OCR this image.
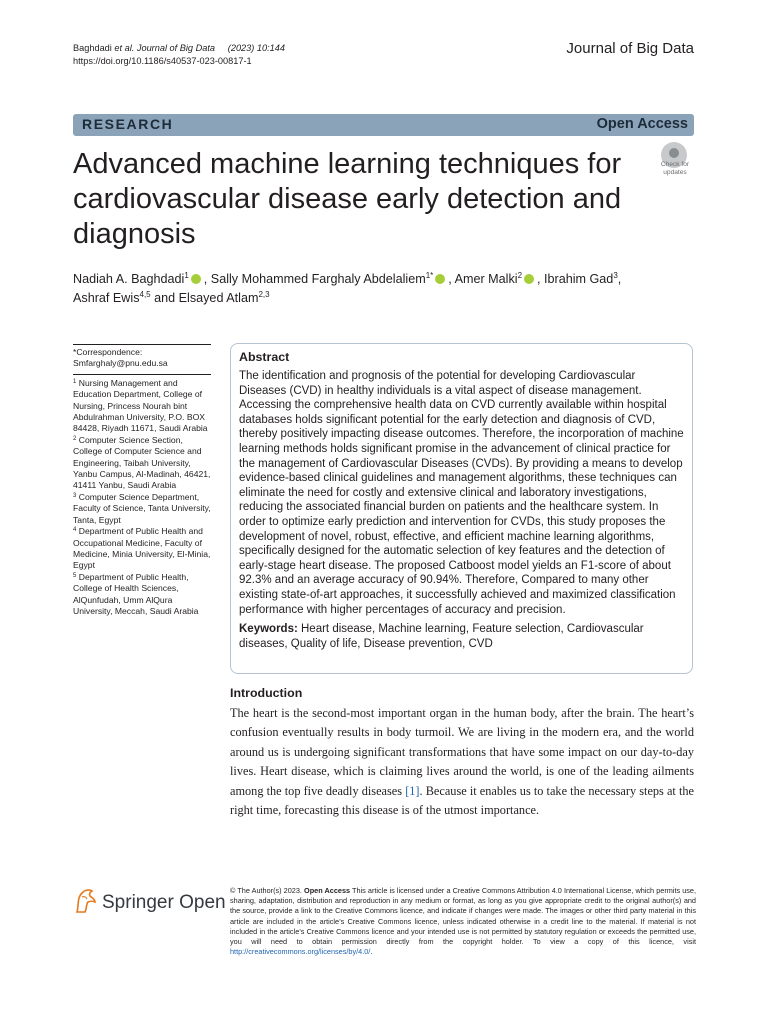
Baghdadi et al. Journal of Big Data (2023) 10:144
https://doi.org/10.1186/s40537-023-00817-1
Journal of Big Data
RESEARCH	Open Access
Advanced machine learning techniques for cardiovascular disease early detection and diagnosis
Check for
updates
Nadiah A. Baghdadi$^1$ , Sally Mohammed Farghaly Abdelaliem$^{1*}$ , Amer Malki$^2$ , Ibrahim Gad$^3$,
Ashraf Ewis$^{4,5}$ and Elsayed Atlam$^{2,3}$
*Correspondence:
Smfarghaly@pnu.edu.sa
$^1$ Nursing Management and Education Department, College of Nursing, Princess Nourah bint Abdulrahman University, P.O. BOX 84428, Riyadh 11671, Saudi Arabia
$^2$ Computer Science Section, College of Computer Science and Engineering, Taibah University, Yanbu Campus, Al-Madinah, 46421, 41411 Yanbu, Saudi Arabia
$^3$ Computer Science Department, Faculty of Science, Tanta University, Tanta, Egypt
$^4$ Department of Public Health and Occupational Medicine, Faculty of Medicine, Minia University, El-Minia, Egypt
$^5$ Department of Public Health, College of Health Sciences, AlQunfudah, Umm AlQura University, Meccah, Saudi Arabia
Abstract
The identification and prognosis of the potential for developing Cardiovascular Diseases (CVD) in healthy individuals is a vital aspect of disease management. Accessing the comprehensive health data on CVD currently available within hospital databases holds significant potential for the early detection and diagnosis of CVD, thereby positively impacting disease outcomes. Therefore, the incorporation of machine learning methods holds significant promise in the advancement of clinical practice for the management of Cardiovascular Diseases (CVDs). By providing a means to develop evidence-based clinical guidelines and management algorithms, these techniques can eliminate the need for costly and extensive clinical and laboratory investigations, reducing the associated financial burden on patients and the healthcare system. In order to optimize early prediction and intervention for CVDs, this study proposes the development of novel, robust, effective, and efficient machine learning algorithms, specifically designed for the automatic selection of key features and the detection of early-stage heart disease. The proposed Catboost model yields an F1-score of about 92.3% and an average accuracy of 90.94%. Therefore, Compared to many other existing state-of-art approaches, it successfully achieved and maximized classification performance with higher percentages of accuracy and precision.
Keywords: Heart disease, Machine learning, Feature selection, Cardiovascular diseases, Quality of life, Disease prevention, CVD
Introduction
The heart is the second-most important organ in the human body, after the brain. The heart’s confusion eventually results in body turmoil. We are living in the modern era, and the world around us is undergoing significant transformations that have some impact on our day-to-day lives. Heart disease, which is claiming lives around the world, is one of the leading ailments among the top five deadly diseases [1]. Because it enables us to take the necessary steps at the right time, forecasting this disease is of the utmost importance.
Springer Open
© The Author(s) 2023. Open Access This article is licensed under a Creative Commons Attribution 4.0 International License, which permits use, sharing, adaptation, distribution and reproduction in any medium or format, as long as you give appropriate credit to the original author(s) and the source, provide a link to the Creative Commons licence, and indicate if changes were made. The images or other third party material in this article are included in the article’s Creative Commons licence, unless indicated otherwise in a credit line to the material. If material is not included in the article’s Creative Commons licence and your intended use is not permitted by statutory regulation or exceeds the permitted use, you will need to obtain permission directly from the copyright holder. To view a copy of this licence, visit http://creativecommons.org/licenses/by/4.0/.
